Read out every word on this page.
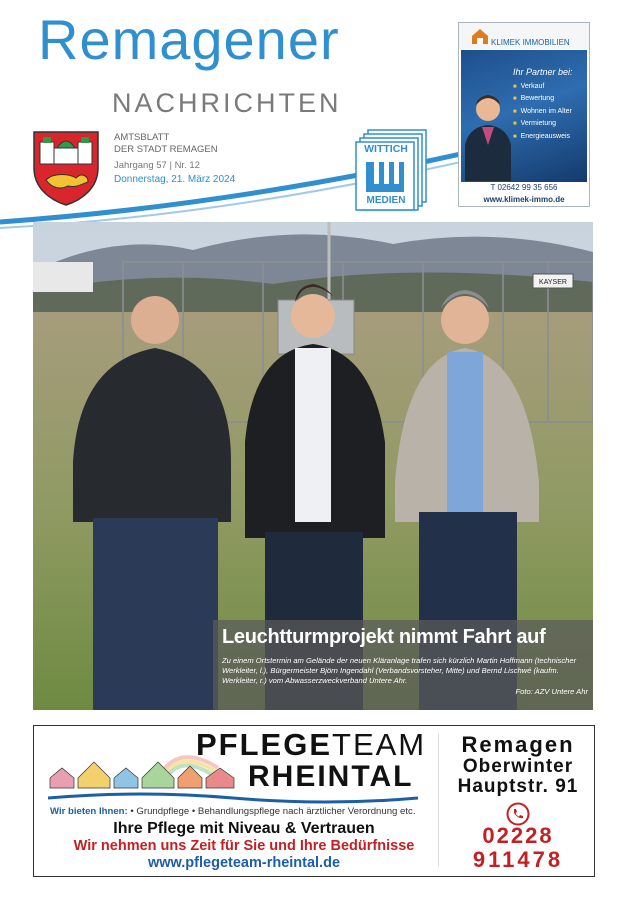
Remagener
NACHRICHTEN
AMTSBLATT
DER STADT REMAGEN
Jahrgang 57 | Nr. 12
Donnerstag, 21. März 2024
WITTICH
MEDIEN
KLIMEK IMMOBILIEN
Ihr Partner bei:
■ Verkauf
■ Bewertung
■ Wohnen im Alter
■ Vermietung
■ Energieausweis
T 02642 99 35 656
www.klimek-immo.de
KAYSER
Leuchtturmprojekt nimmt Fahrt auf
Zu einem Ortstermin am Gelände der neuen Kläranlage trafen sich kürzlich Martin Hoffmann (technischer Werkleiter, l.), Bürgermeister Björn Ingendahl (Verbandsvorsteher, Mitte) und Bernd Lischwé (kaufm. Werkleiter, r.) vom Abwasserzweckverband Untere Ahr.
Foto: AZV Untere Ahr
PFLEGETEAM
RHEINTAL
Wir bieten Ihnen: • Grundpflege • Behandlungspflege nach ärztlicher Verordnung etc.
Ihre Pflege mit Niveau & Vertrauen
Wir nehmen uns Zeit für Sie und Ihre Bedürfnisse
www.pflegeteam-rheintal.de
Remagen
Oberwinter
Hauptstr. 91
02228
911478
